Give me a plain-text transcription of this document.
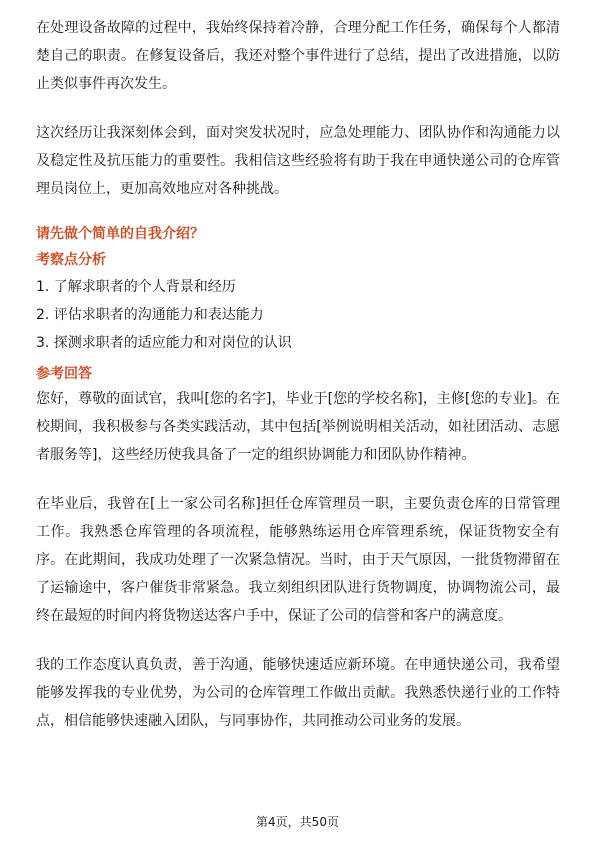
在处理设备故障的过程中，我始终保持着冷静，合理分配工作任务，确保每个人都清楚自己的职责。在修复设备后，我还对整个事件进行了总结，提出了改进措施，以防止类似事件再次发生。

这次经历让我深刻体会到，面对突发状况时，应急处理能力、团队协作和沟通能力以及稳定性及抗压能力的重要性。我相信这些经验将有助于我在申通快递公司的仓库管理员岗位上，更加高效地应对各种挑战。

请先做个简单的自我介绍？
考察点分析
1. 了解求职者的个人背景和经历
2. 评估求职者的沟通能力和表达能力
3. 探测求职者的适应能力和对岗位的认识
参考回答

您好，尊敬的面试官，我叫[您的名字]，毕业于[您的学校名称]，主修[您的专业]。在校期间，我积极参与各类实践活动，其中包括[举例说明相关活动，如社团活动、志愿者服务等]，这些经历使我具备了一定的组织协调能力和团队协作精神。

在毕业后，我曾在[上一家公司名称]担任仓库管理员一职，主要负责仓库的日常管理工作。我熟悉仓库管理的各项流程，能够熟练运用仓库管理系统，保证货物安全有序。在此期间，我成功处理了一次紧急情况。当时，由于天气原因，一批货物滞留在了运输途中，客户催货非常紧急。我立刻组织团队进行货物调度，协调物流公司，最终在最短的时间内将货物送达客户手中，保证了公司的信誉和客户的满意度。

我的工作态度认真负责，善于沟通，能够快速适应新环境。在申通快递公司，我希望能够发挥我的专业优势，为公司的仓库管理工作做出贡献。我熟悉快递行业的工作特点，相信能够快速融入团队，与同事协作，共同推动公司业务的发展。

第4页，共50页
